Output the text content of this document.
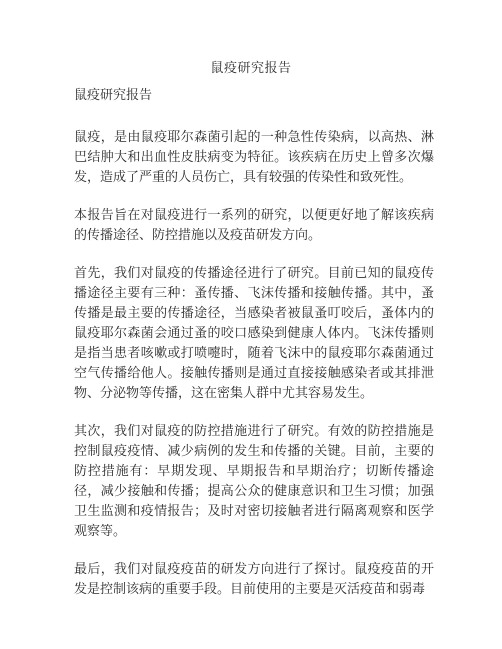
鼠疫研究报告
鼠疫研究报告

鼠疫，是由鼠疫耶尔森菌引起的一种急性传染病，以高热、淋巴结肿大和出血性皮肤病变为特征。该疾病在历史上曾多次爆发，造成了严重的人员伤亡，具有较强的传染性和致死性。

本报告旨在对鼠疫进行一系列的研究，以便更好地了解该疾病的传播途径、防控措施以及疫苗研发方向。

首先，我们对鼠疫的传播途径进行了研究。目前已知的鼠疫传播途径主要有三种：蚤传播、飞沫传播和接触传播。其中，蚤传播是最主要的传播途径，当感染者被鼠蚤叮咬后，蚤体内的鼠疫耶尔森菌会通过蚤的咬口感染到健康人体内。飞沫传播则是指当患者咳嗽或打喷嚏时，随着飞沫中的鼠疫耶尔森菌通过空气传播给他人。接触传播则是通过直接接触感染者或其排泄物、分泌物等传播，这在密集人群中尤其容易发生。

其次，我们对鼠疫的防控措施进行了研究。有效的防控措施是控制鼠疫疫情、减少病例的发生和传播的关键。目前，主要的防控措施有：早期发现、早期报告和早期治疗；切断传播途径，减少接触和传播；提高公众的健康意识和卫生习惯；加强卫生监测和疫情报告；及时对密切接触者进行隔离观察和医学观察等。

最后，我们对鼠疫疫苗的研发方向进行了探讨。鼠疫疫苗的开发是控制该病的重要手段。目前使用的主要是灭活疫苗和弱毒
